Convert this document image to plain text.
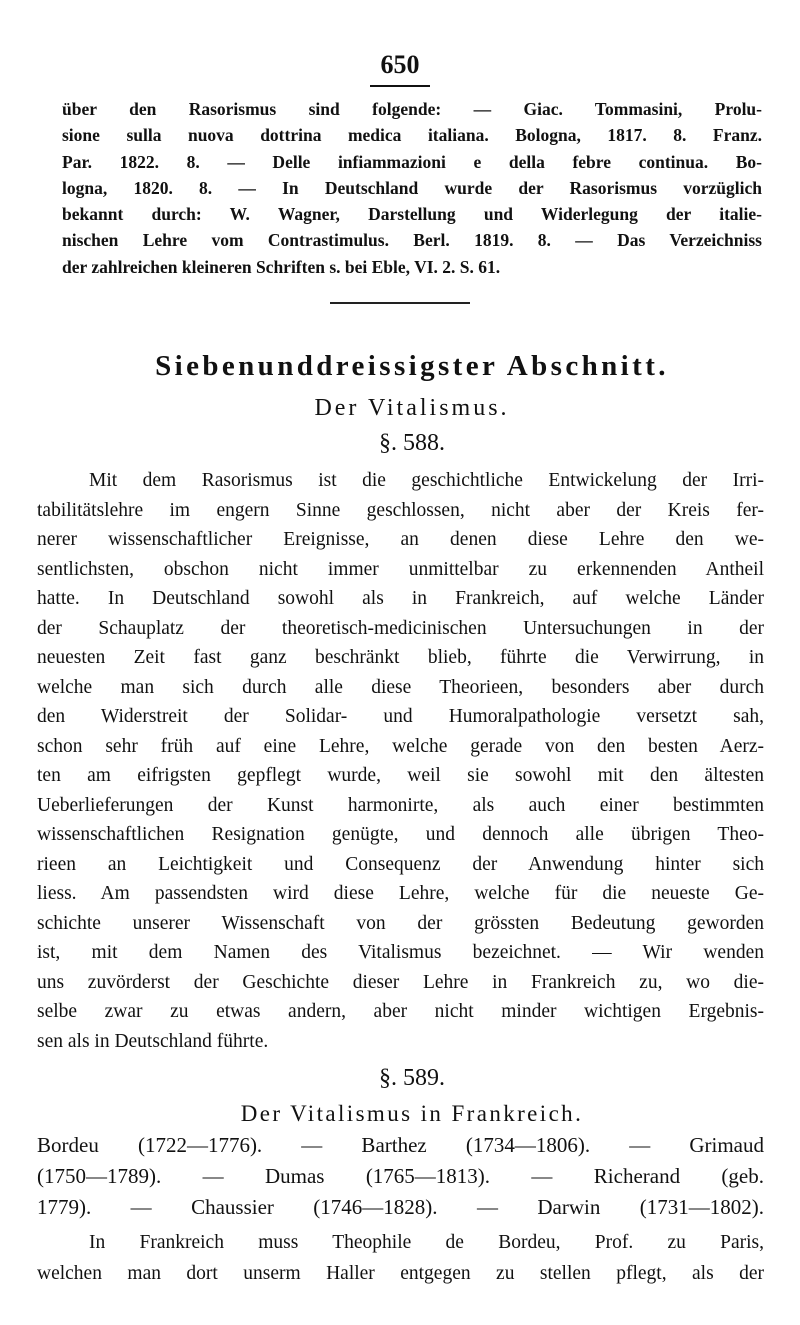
650
über den Rasorismus sind folgende: — Giac. Tommasini, Prolu-
sione sulla nuova dottrina medica italiana. Bologna, 1817. 8. Franz.
Par. 1822. 8. — Delle infiammazioni e della febre continua. Bo-
logna, 1820. 8. — In Deutschland wurde der Rasorismus vorzüglich
bekannt durch: W. Wagner, Darstellung und Widerlegung der italie-
nischen Lehre vom Contrastimulus. Berl. 1819. 8. — Das Verzeichniss
der zahlreichen kleineren Schriften s. bei Eble, VI. 2. S. 61.
Siebenunddreissigster Abschnitt.
Der Vitalismus.
§. 588.
Mit dem Rasorismus ist die geschichtliche Entwickelung der Irri-
tabilitätslehre im engern Sinne geschlossen, nicht aber der Kreis fer-
nerer wissenschaftlicher Ereignisse, an denen diese Lehre den we-
sentlichsten, obschon nicht immer unmittelbar zu erkennenden Antheil
hatte. In Deutschland sowohl als in Frankreich, auf welche Länder
der Schauplatz der theoretisch-medicinischen Untersuchungen in der
neuesten Zeit fast ganz beschränkt blieb, führte die Verwirrung, in
welche man sich durch alle diese Theorieen, besonders aber durch
den Widerstreit der Solidar- und Humoralpathologie versetzt sah,
schon sehr früh auf eine Lehre, welche gerade von den besten Aerz-
ten am eifrigsten gepflegt wurde, weil sie sowohl mit den ältesten
Ueberlieferungen der Kunst harmonirte, als auch einer bestimmten
wissenschaftlichen Resignation genügte, und dennoch alle übrigen Theo-
rieen an Leichtigkeit und Consequenz der Anwendung hinter sich
liess. Am passendsten wird diese Lehre, welche für die neueste Ge-
schichte unserer Wissenschaft von der grössten Bedeutung geworden
ist, mit dem Namen des Vitalismus bezeichnet. — Wir wenden
uns zuvörderst der Geschichte dieser Lehre in Frankreich zu, wo die-
selbe zwar zu etwas andern, aber nicht minder wichtigen Ergebnis-
sen als in Deutschland führte.
§. 589.
Der Vitalismus in Frankreich.
Bordeu (1722—1776). — Barthez (1734—1806). — Grimaud
(1750—1789). — Dumas (1765—1813). — Richerand (geb.
1779). — Chaussier (1746—1828). — Darwin (1731—1802).
In Frankreich muss Theophile de Bordeu, Prof. zu Paris,
welchen man dort unserm Haller entgegen zu stellen pflegt, als der
